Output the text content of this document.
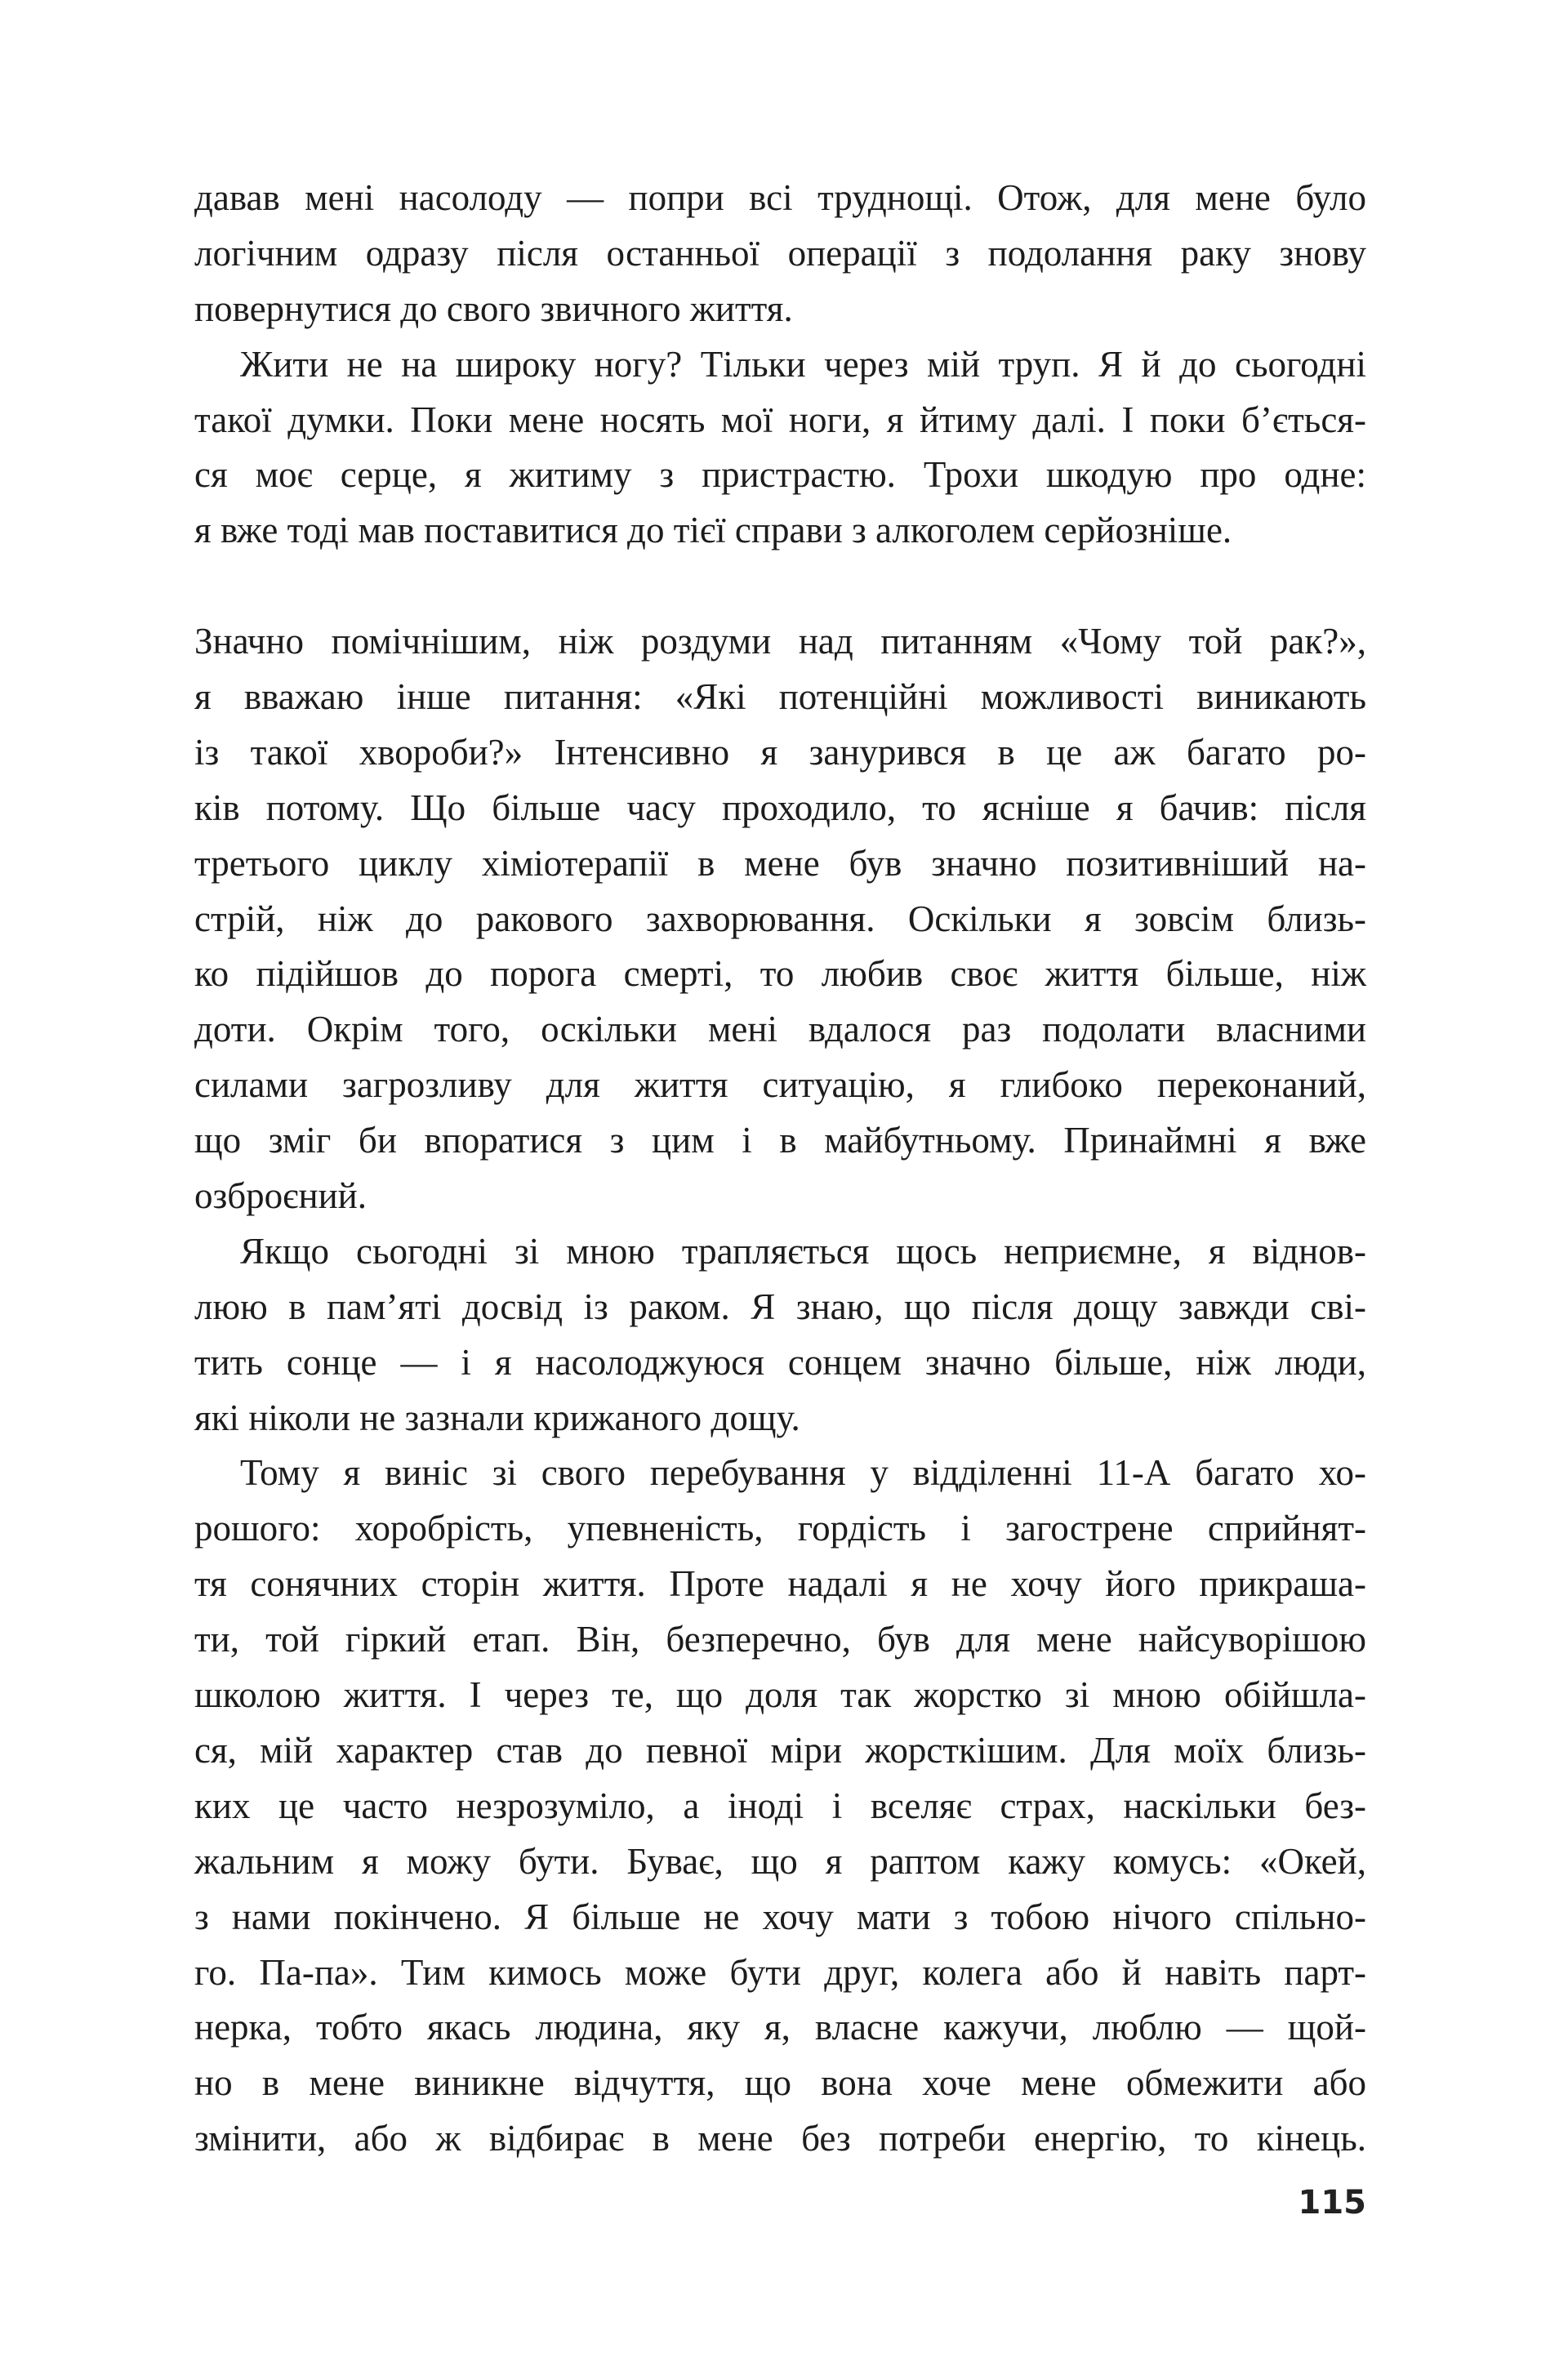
давав мені насолоду — попри всі труднощі. Отож, для мене було
логічним одразу після останньої операції з подолання раку знову
повернутися до свого звичного життя.
Жити не на широку ногу? Тільки через мій труп. Я й до сьогодні
такої думки. Поки мене носять мої ноги, я йтиму далі. І поки б’ється-
ся моє серце, я житиму з пристрастю. Трохи шкодую про одне:
я вже тоді мав поставитися до тієї справи з алкоголем серйозніше.
Значно помічнішим, ніж роздуми над питанням «Чому той рак?»,
я вважаю інше питання: «Які потенційні можливості виникають
із такої хвороби?» Інтенсивно я занурився в це аж багато ро-
ків потому. Що більше часу проходило, то ясніше я бачив: після
третього циклу хіміотерапії в мене був значно позитивніший на-
стрій, ніж до ракового захворювання. Оскільки я зовсім близь-
ко підійшов до порога смерті, то любив своє життя більше, ніж
доти. Окрім того, оскільки мені вдалося раз подолати власними
силами загрозливу для життя ситуацію, я глибоко переконаний,
що зміг би впоратися з цим і в майбутньому. Принаймні я вже
озброєний.
Якщо сьогодні зі мною трапляється щось неприємне, я віднов-
люю в пам’яті досвід із раком. Я знаю, що після дощу завжди сві-
тить сонце — і я насолоджуюся сонцем значно більше, ніж люди,
які ніколи не зазнали крижаного дощу.
Тому я виніс зі свого перебування у відділенні 11-А багато хо-
рошого: хоробрість, упевненість, гордість і загострене сприйнят-
тя сонячних сторін життя. Проте надалі я не хочу його прикраша-
ти, той гіркий етап. Він, безперечно, був для мене найсуворішою
школою життя. І через те, що доля так жорстко зі мною обійшла-
ся, мій характер став до певної міри жорсткішим. Для моїх близь-
ких це часто незрозуміло, а іноді і вселяє страх, наскільки без-
жальним я можу бути. Буває, що я раптом кажу комусь: «Окей,
з нами покінчено. Я більше не хочу мати з тобою нічого спільно-
го. Па-па». Тим кимось може бути друг, колега або й навіть парт-
нерка, тобто якась людина, яку я, власне кажучи, люблю — щой-
но в мене виникне відчуття, що вона хоче мене обмежити або
змінити, або ж відбирає в мене без потреби енергію, то кінець.
115
